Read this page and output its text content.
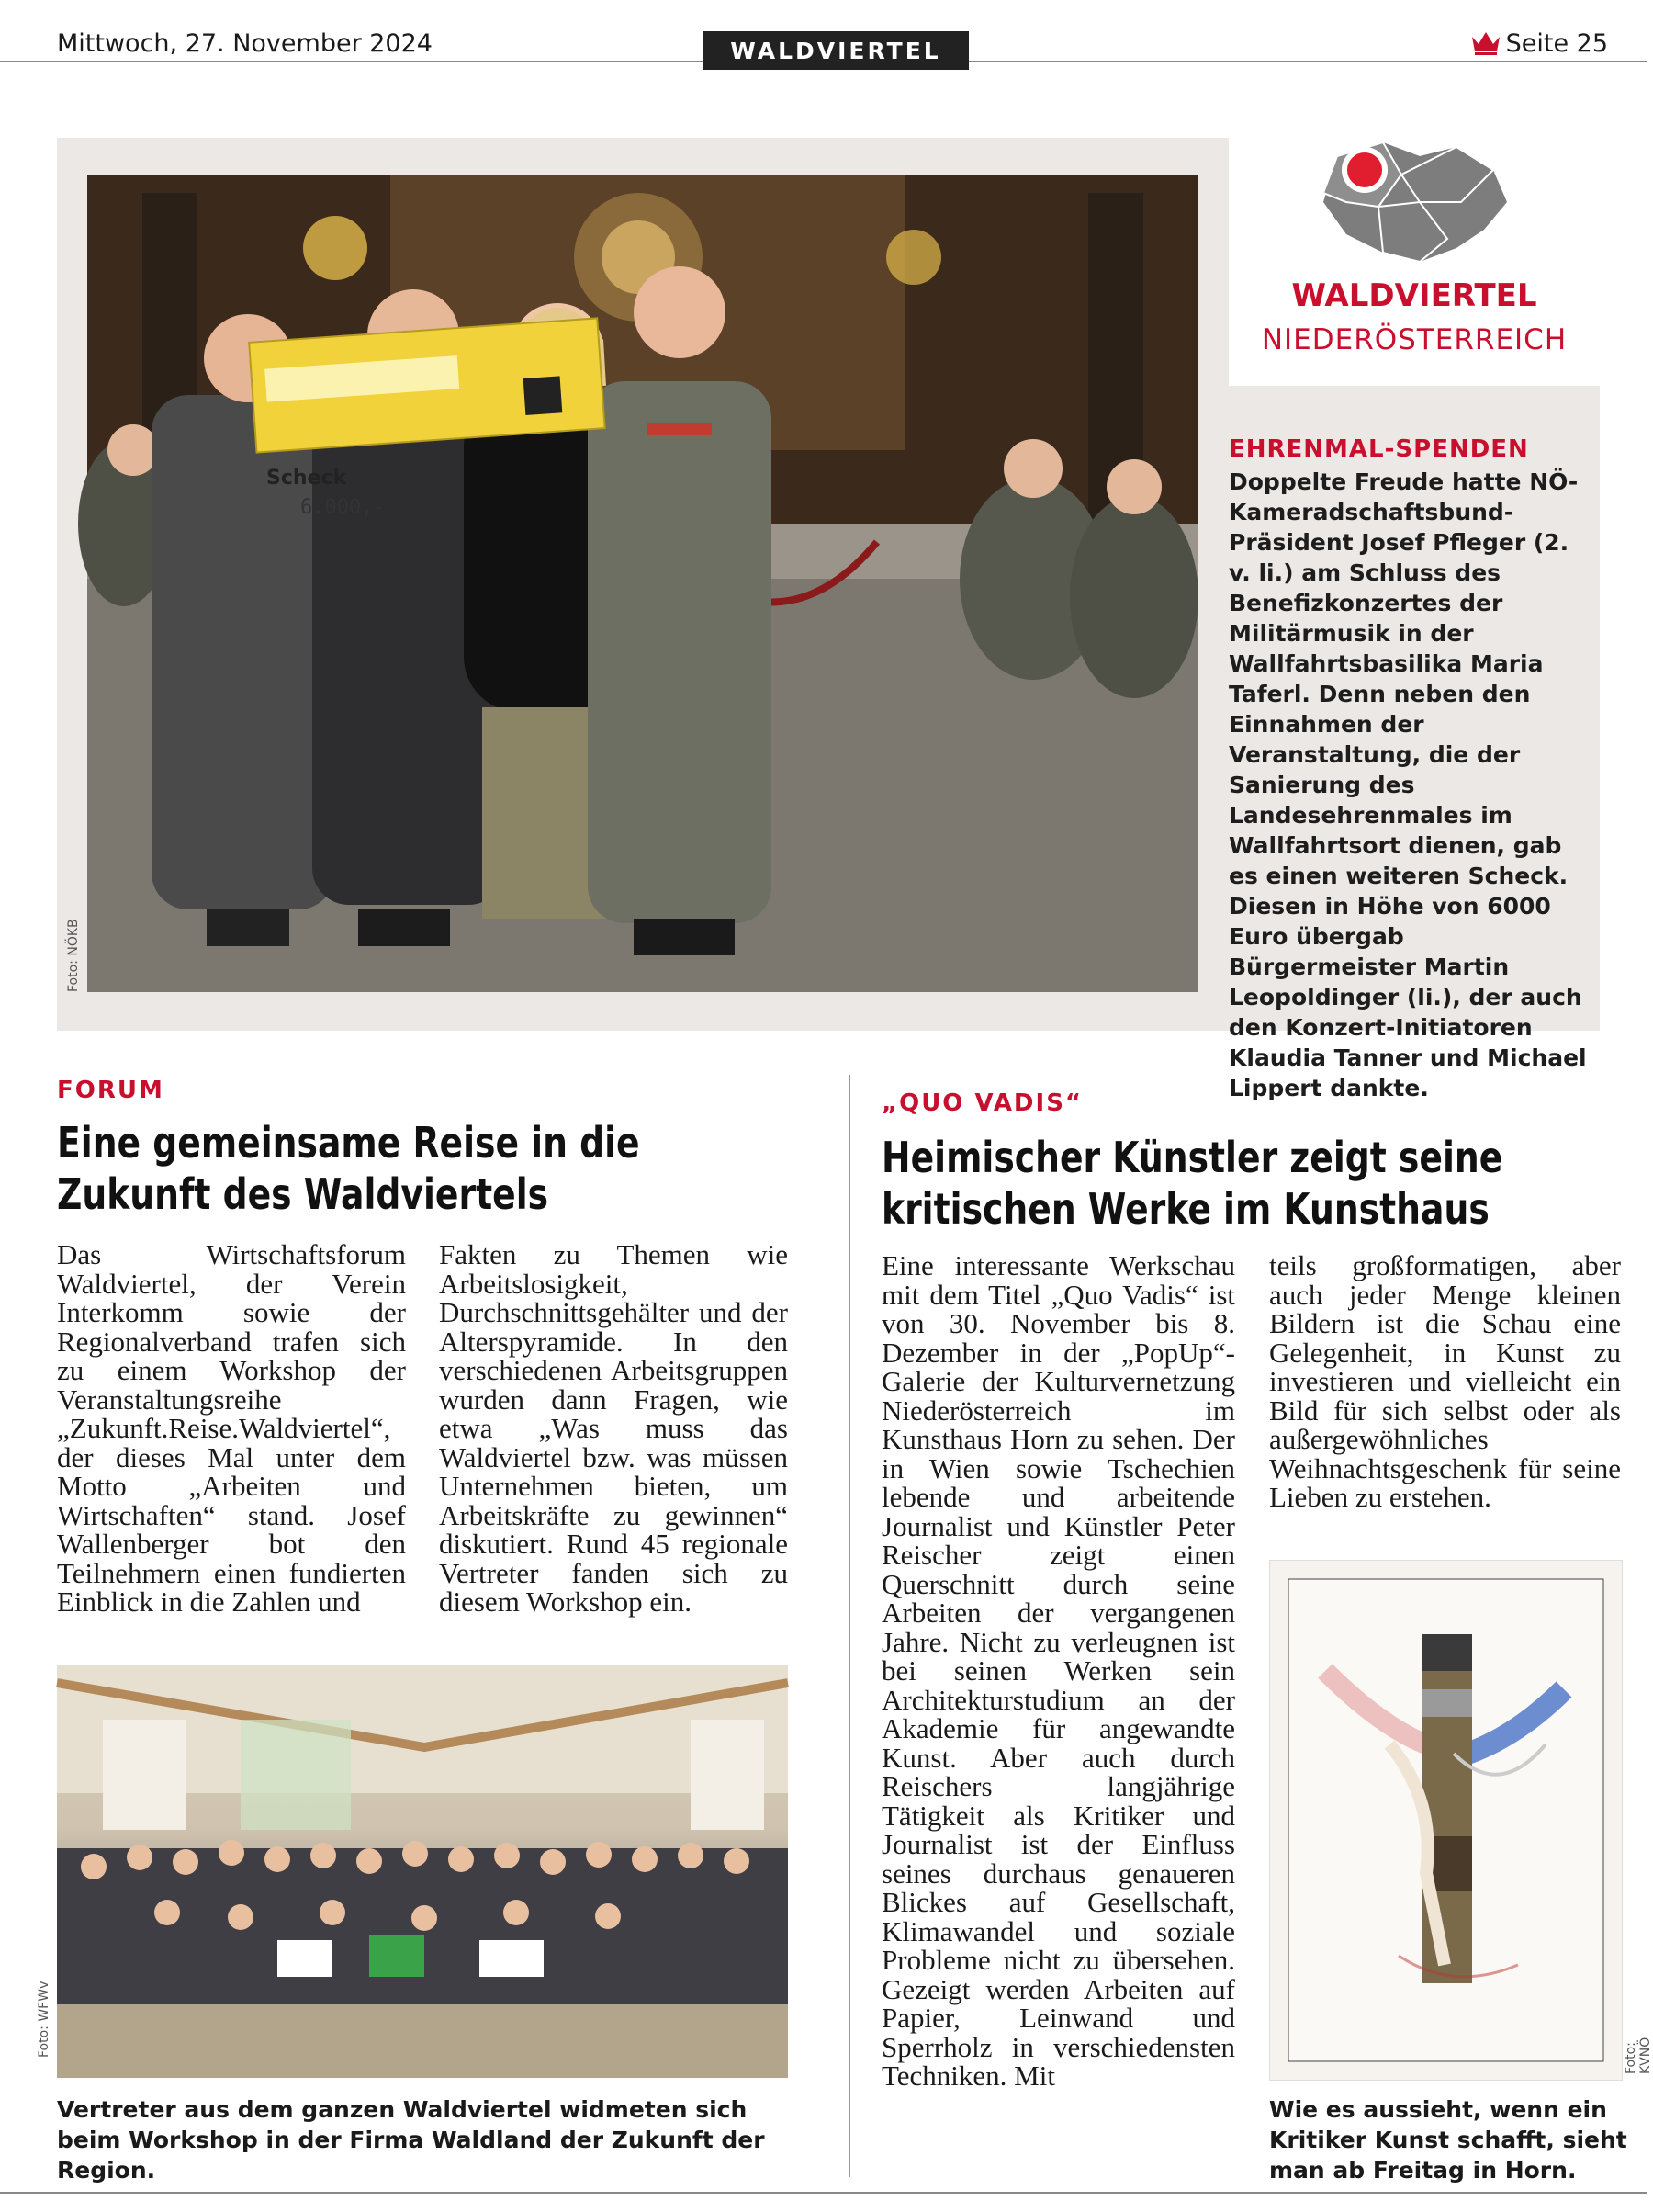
Mittwoch, 27. November 2024	WALDVIERTEL	Seite 25
Scheck
6.000,-
Foto: NÖKB
WALDVIERTEL
NIEDERÖSTERREICH
EHRENMAL-SPENDEN
Doppelte Freude hatte NÖ-Kameradschaftsbund-Präsident Josef Pfleger (2. v. li.) am Schluss des Benefizkonzertes der Militärmusik in der Wallfahrtsbasilika Maria Taferl. Denn neben den Einnahmen der Veranstaltung, die der Sanierung des Landesehrenmales im Wallfahrtsort dienen, gab es einen weiteren Scheck. Diesen in Höhe von 6000 Euro übergab Bürgermeister Martin Leopoldinger (li.), der auch den Konzert-Initiatoren Klaudia Tanner und Michael Lippert dankte.
FORUM
Eine gemeinsame Reise in die
Zukunft des Waldviertels
Das Wirtschaftsforum Waldviertel, der Verein Interkomm sowie der Regionalverband trafen sich zu einem Workshop der Veranstaltungsreihe „Zukunft.Reise.Waldviertel“, der dieses Mal unter dem Motto „Arbeiten und Wirtschaften“ stand. Josef Wallenberger bot den Teilnehmern einen fundierten Einblick in die Zahlen und
Fakten zu Themen wie Arbeitslosigkeit, Durchschnittsgehälter und der Alterspyramide. In den verschiedenen Arbeitsgruppen wurden dann Fragen, wie etwa „Was muss das Waldviertel bzw. was müssen Unternehmen bieten, um Arbeitskräfte zu gewinnen“ diskutiert. Rund 45 regionale Vertreter fanden sich zu diesem Workshop ein.
Foto: WFWv
Vertreter aus dem ganzen Waldviertel widmeten sich beim Workshop in der Firma Waldland der Zukunft der Region.
„QUO VADIS“
Heimischer Künstler zeigt seine
kritischen Werke im Kunsthaus
Eine interessante Werkschau mit dem Titel „Quo Vadis“ ist von 30. November bis 8. Dezember in der „PopUp“-Galerie der Kulturvernetzung Niederösterreich im Kunsthaus Horn zu sehen. Der in Wien sowie Tschechien lebende und arbeitende Journalist und Künstler Peter Reischer zeigt einen Querschnitt durch seine Arbeiten der vergangenen Jahre. Nicht zu verleugnen ist bei seinen Werken sein Architekturstudium an der Akademie für angewandte Kunst. Aber auch durch Reischers langjährige Tätigkeit als Kritiker und Journalist ist der Einfluss seines durchaus genaueren Blickes auf Gesellschaft, Klimawandel und soziale Probleme nicht zu übersehen. Gezeigt werden Arbeiten auf Papier, Leinwand und Sperrholz in verschiedensten Techniken. Mit
teils großformatigen, aber auch jeder Menge kleinen Bildern ist die Schau eine Gelegenheit, in Kunst zu investieren und vielleicht ein Bild für sich selbst oder als außergewöhnliches Weihnachtsgeschenk für seine Lieben zu erstehen.
Foto: KVNÖ
Wie es aussieht, wenn ein Kritiker Kunst schafft, sieht man ab Freitag in Horn.
